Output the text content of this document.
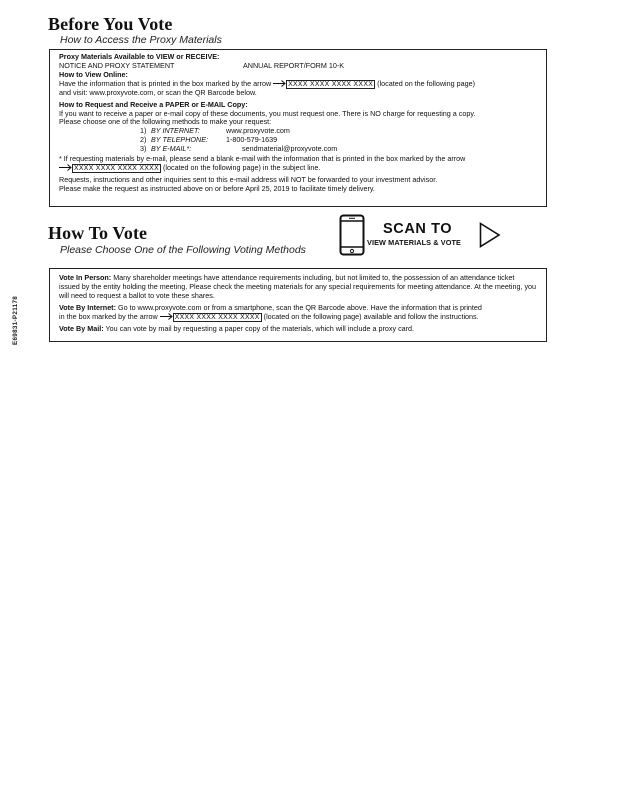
Before You Vote
How to Access the Proxy Materials
Proxy Materials Available to VIEW or RECEIVE:
NOTICE AND PROXY STATEMENT	ANNUAL REPORT/FORM 10-K
How to View Online:
Have the information that is printed in the box marked by the arrow XXXX XXXX XXXX XXXX (located on the following page)
and visit: www.proxyvote.com, or scan the QR Barcode below.
How to Request and Receive a PAPER or E-MAIL Copy:
If you want to receive a paper or e-mail copy of these documents, you must request one. There is NO charge for requesting a copy.
Please choose one of the following methods to make your request:
1) BY INTERNET:	www.proxyvote.com
2) BY TELEPHONE:	1-800-579-1639
3) BY E-MAIL*:	sendmaterial@proxyvote.com
* If requesting materials by e-mail, please send a blank e-mail with the information that is printed in the box marked by the arrow
XXXX XXXX XXXX XXXX (located on the following page) in the subject line.
Requests, instructions and other inquiries sent to this e-mail address will NOT be forwarded to your investment advisor.
Please make the request as instructed above on or before April 25, 2019 to facilitate timely delivery.
How To Vote
Please Choose One of the Following Voting Methods
SCAN TO
VIEW MATERIALS & VOTE
Vote In Person: Many shareholder meetings have attendance requirements including, but not limited to, the possession of an attendance ticket issued by the entity holding the meeting. Please check the meeting materials for any special requirements for meeting attendance. At the meeting, you will need to request a ballot to vote these shares.
Vote By Internet: Go to www.proxyvote.com or from a smartphone, scan the QR Barcode above. Have the information that is printed
in the box marked by the arrow XXXX XXXX XXXX XXXX (located on the following page) available and follow the instructions.
Vote By Mail: You can vote by mail by requesting a paper copy of the materials, which will include a proxy card.
E69831-P21178
